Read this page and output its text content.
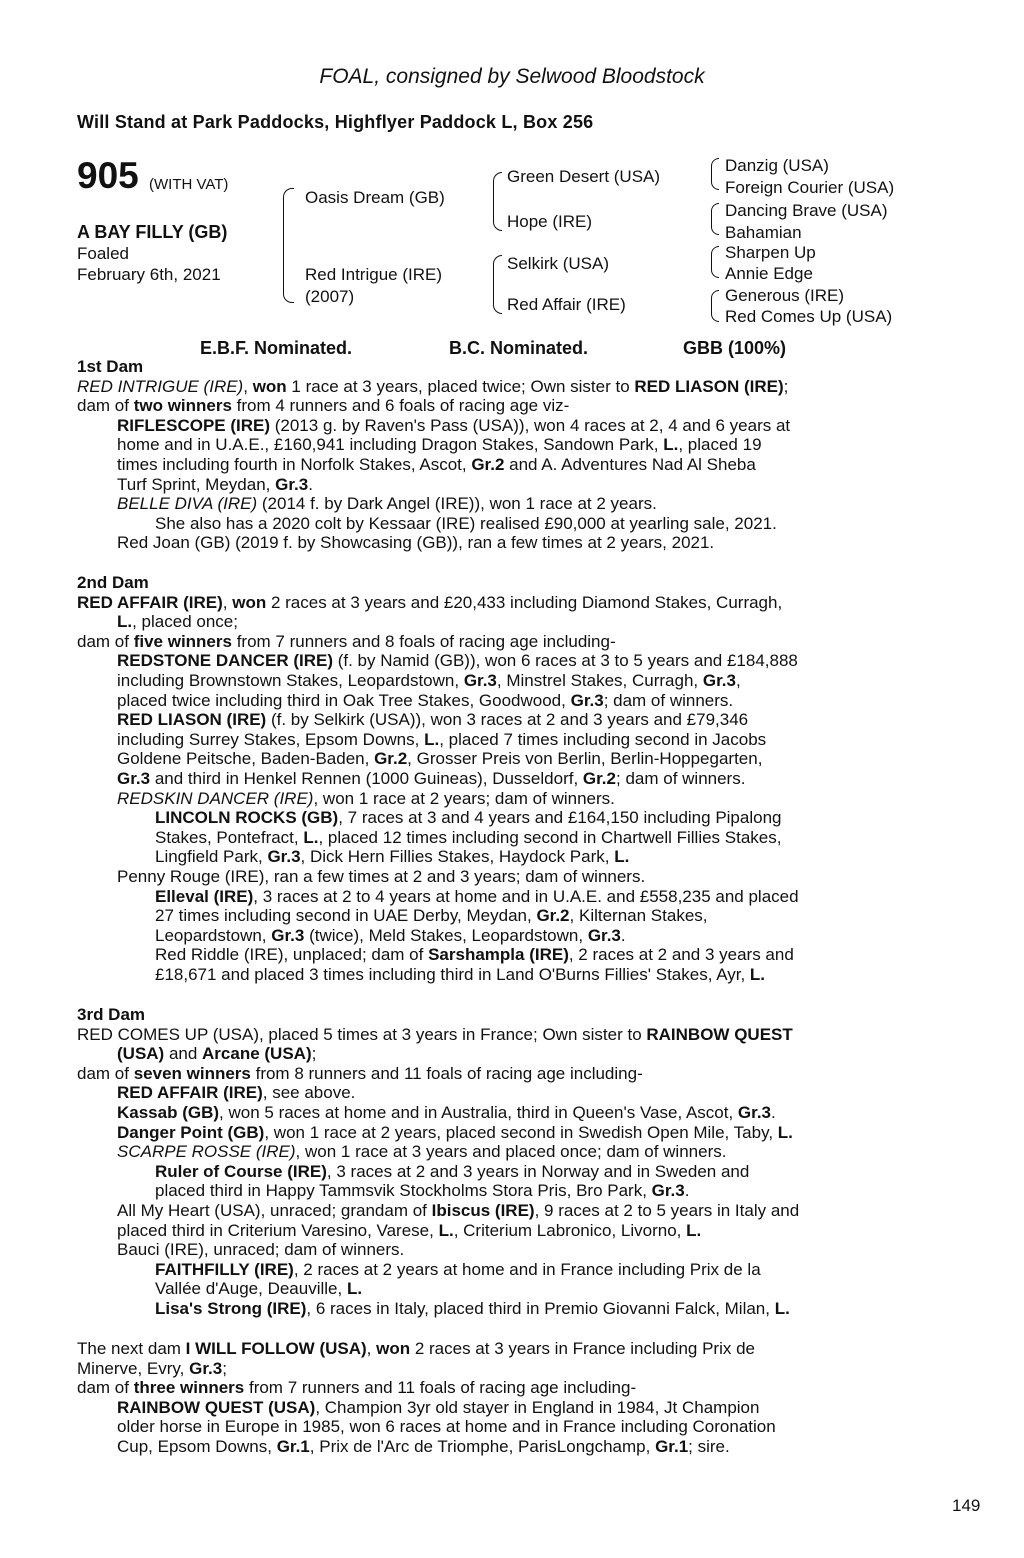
FOAL, consigned by Selwood Bloodstock
Will Stand at Park Paddocks, Highflyer Paddock L, Box 256
905 (WITH VAT)
A BAY FILLY (GB)
Foaled
February 6th, 2021
Oasis Dream (GB)
Red Intrigue (IRE)
(2007)
Green Desert (USA)
Hope (IRE)
Selkirk (USA)
Red Affair (IRE)
Danzig (USA)
Foreign Courier (USA)
Dancing Brave (USA)
Bahamian
Sharpen Up
Annie Edge
Generous (IRE)
Red Comes Up (USA)
E.B.F. Nominated.	B.C. Nominated.	GBB (100%)

1st Dam

RED INTRIGUE (IRE), won 1 race at 3 years, placed twice; Own sister to RED LIASON (IRE);

dam of two winners from 4 runners and 6 foals of racing age viz-

RIFLESCOPE (IRE) (2013 g. by Raven's Pass (USA)), won 4 races at 2, 4 and 6 years at

home and in U.A.E., £160,941 including Dragon Stakes, Sandown Park, L., placed 19

times including fourth in Norfolk Stakes, Ascot, Gr.2 and A. Adventures Nad Al Sheba

Turf Sprint, Meydan, Gr.3.

BELLE DIVA (IRE) (2014 f. by Dark Angel (IRE)), won 1 race at 2 years.

She also has a 2020 colt by Kessaar (IRE) realised £90,000 at yearling sale, 2021.

Red Joan (GB) (2019 f. by Showcasing (GB)), ran a few times at 2 years, 2021.

2nd Dam

RED AFFAIR (IRE), won 2 races at 3 years and £20,433 including Diamond Stakes, Curragh,

L., placed once;

dam of five winners from 7 runners and 8 foals of racing age including-

REDSTONE DANCER (IRE) (f. by Namid (GB)), won 6 races at 3 to 5 years and £184,888

including Brownstown Stakes, Leopardstown, Gr.3, Minstrel Stakes, Curragh, Gr.3,

placed twice including third in Oak Tree Stakes, Goodwood, Gr.3; dam of winners.

RED LIASON (IRE) (f. by Selkirk (USA)), won 3 races at 2 and 3 years and £79,346

including Surrey Stakes, Epsom Downs, L., placed 7 times including second in Jacobs

Goldene Peitsche, Baden-Baden, Gr.2, Grosser Preis von Berlin, Berlin-Hoppegarten,

Gr.3 and third in Henkel Rennen (1000 Guineas), Dusseldorf, Gr.2; dam of winners.

REDSKIN DANCER (IRE), won 1 race at 2 years; dam of winners.

LINCOLN ROCKS (GB), 7 races at 3 and 4 years and £164,150 including Pipalong

Stakes, Pontefract, L., placed 12 times including second in Chartwell Fillies Stakes,

Lingfield Park, Gr.3, Dick Hern Fillies Stakes, Haydock Park, L.

Penny Rouge (IRE), ran a few times at 2 and 3 years; dam of winners.

Elleval (IRE), 3 races at 2 to 4 years at home and in U.A.E. and £558,235 and placed

27 times including second in UAE Derby, Meydan, Gr.2, Kilternan Stakes,

Leopardstown, Gr.3 (twice), Meld Stakes, Leopardstown, Gr.3.

Red Riddle (IRE), unplaced; dam of Sarshampla (IRE), 2 races at 2 and 3 years and

£18,671 and placed 3 times including third in Land O'Burns Fillies' Stakes, Ayr, L.

3rd Dam

RED COMES UP (USA), placed 5 times at 3 years in France; Own sister to RAINBOW QUEST

(USA) and Arcane (USA);

dam of seven winners from 8 runners and 11 foals of racing age including-

RED AFFAIR (IRE), see above.

Kassab (GB), won 5 races at home and in Australia, third in Queen's Vase, Ascot, Gr.3.

Danger Point (GB), won 1 race at 2 years, placed second in Swedish Open Mile, Taby, L.

SCARPE ROSSE (IRE), won 1 race at 3 years and placed once; dam of winners.

Ruler of Course (IRE), 3 races at 2 and 3 years in Norway and in Sweden and

placed third in Happy Tammsvik Stockholms Stora Pris, Bro Park, Gr.3.

All My Heart (USA), unraced; grandam of Ibiscus (IRE), 9 races at 2 to 5 years in Italy and

placed third in Criterium Varesino, Varese, L., Criterium Labronico, Livorno, L.

Bauci (IRE), unraced; dam of winners.

FAITHFILLY (IRE), 2 races at 2 years at home and in France including Prix de la

Vallée d'Auge, Deauville, L.

Lisa's Strong (IRE), 6 races in Italy, placed third in Premio Giovanni Falck, Milan, L.

The next dam I WILL FOLLOW (USA), won 2 races at 3 years in France including Prix de

Minerve, Evry, Gr.3;

dam of three winners from 7 runners and 11 foals of racing age including-

RAINBOW QUEST (USA), Champion 3yr old stayer in England in 1984, Jt Champion

older horse in Europe in 1985, won 6 races at home and in France including Coronation

Cup, Epsom Downs, Gr.1, Prix de l'Arc de Triomphe, ParisLongchamp, Gr.1; sire.

149
